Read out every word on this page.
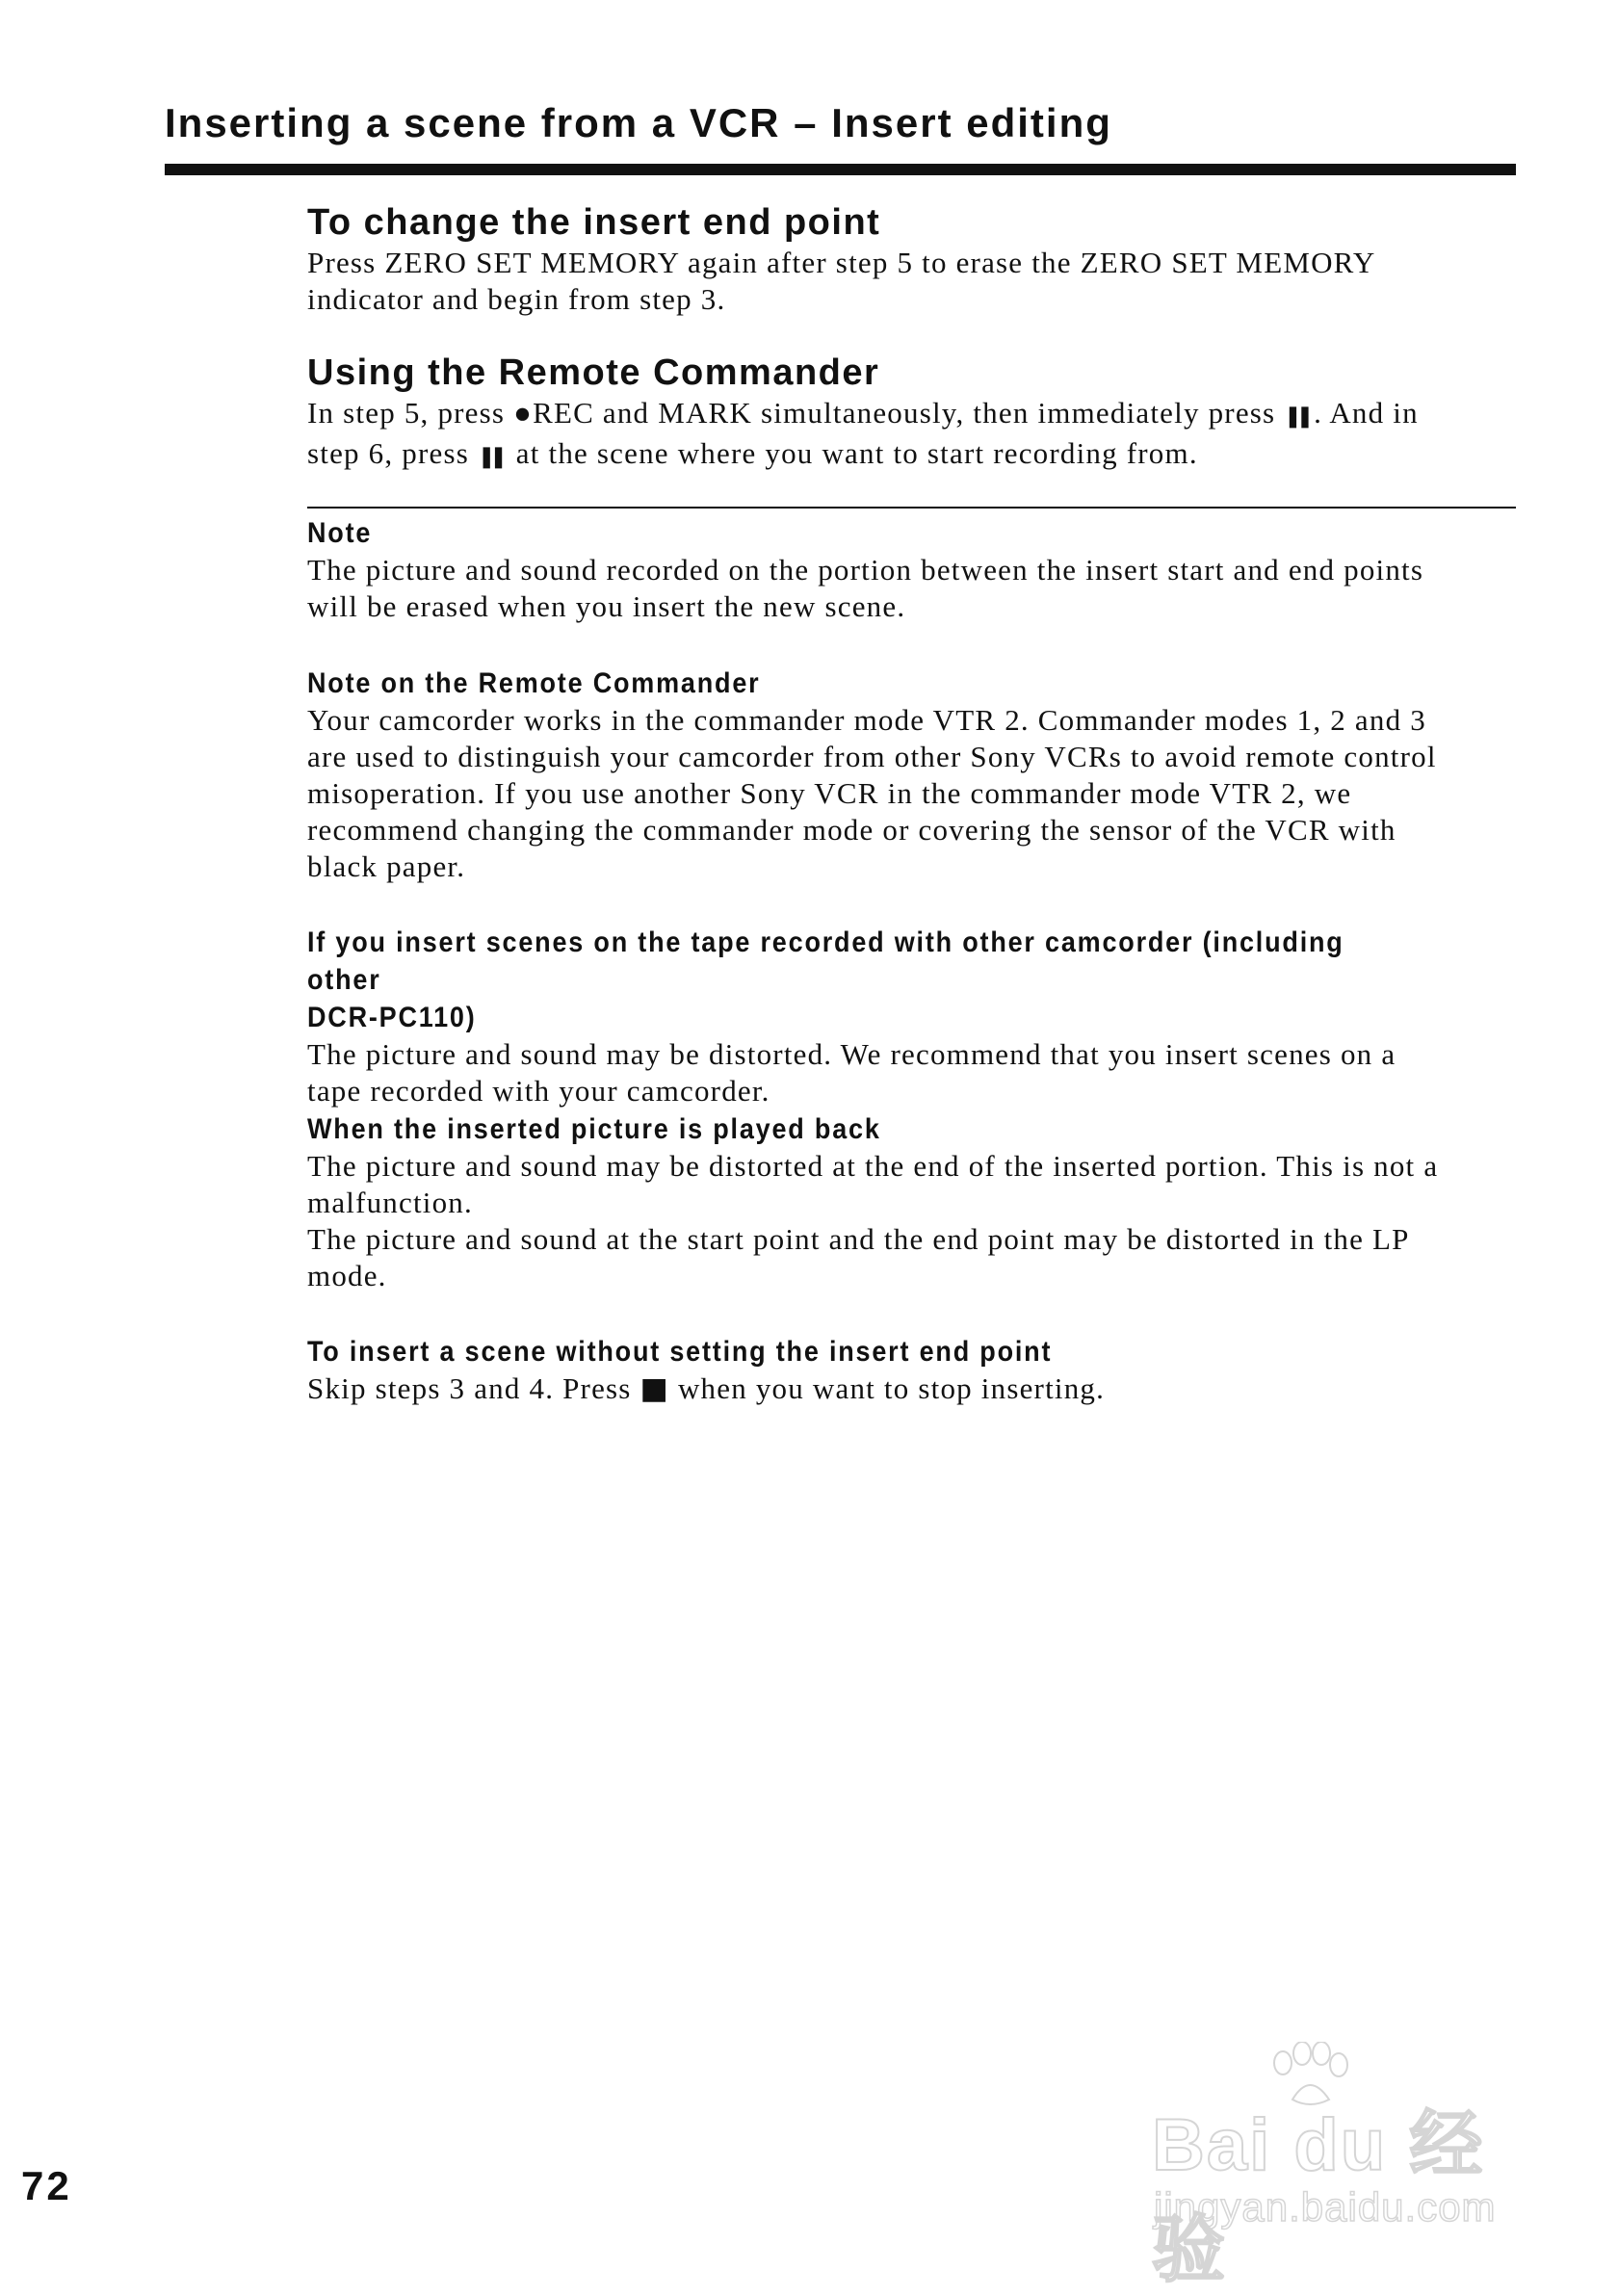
Inserting a scene from a VCR – Insert editing

To change the insert end point

Press ZERO SET MEMORY again after step 5 to erase the ZERO SET MEMORY

indicator and begin from step 3.

Using the Remote Commander

In step 5, press ●REC and MARK simultaneously, then immediately press ❚❚ . And in

step 6, press ❚❚ at the scene where you want to start recording from.

Note

The picture and sound recorded on the portion between the insert start and end points

will be erased when you insert the new scene.

Note on the Remote Commander

Your camcorder works in the commander mode VTR 2. Commander modes 1, 2 and 3

are used to distinguish your camcorder from other Sony VCRs to avoid remote control

misoperation. If you use another Sony VCR in the commander mode VTR 2, we

recommend changing the commander mode or covering the sensor of the VCR with

black paper.

If you insert scenes on the tape recorded with other camcorder (including other

DCR-PC110)

The picture and sound may be distorted. We recommend that you insert scenes on a

tape recorded with your camcorder.

When the inserted picture is played back

The picture and sound may be distorted at the end of the inserted portion. This is not a

malfunction.

The picture and sound at the start point and the end point may be distorted in the LP

mode.

To insert a scene without setting the insert end point

Skip steps 3 and 4. Press ■ when you want to stop inserting.

72	Bai du 经验
jingyan.baidu.com
